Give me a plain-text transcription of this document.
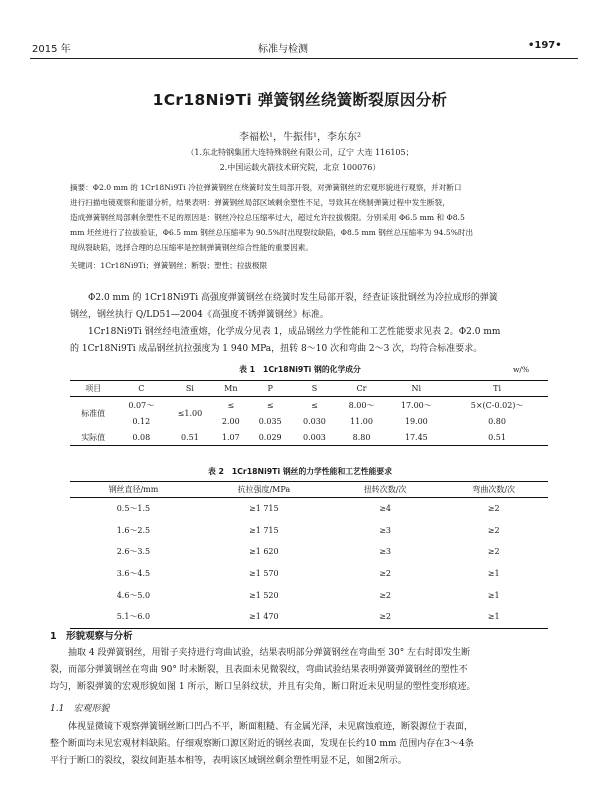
2015 年	标准与检测	•197•
1Cr18Ni9Ti 弹簧钢丝绕簧断裂原因分析
李福松¹，牛振伟¹，李东东²
（1.东北特钢集团大连特殊钢丝有限公司，辽宁 大连 116105；
2.中国运载火箭技术研究院，北京 100076）
摘要：Φ2.0 mm 的 1Cr18Ni9Ti 冷拉弹簧钢丝在绕簧时发生局部开裂，对弹簧钢丝的宏观形貌进行观察，并对断口
进行扫描电镜观察和能谱分析，结果表明：弹簧钢丝局部区域剩余塑性不足，导致其在绕制弹簧过程中发生断裂，
造成弹簧钢丝局部剩余塑性不足的原因是：钢丝冷拉总压缩率过大，超过允许拉拔极限。分别采用 Φ6.5 mm 和 Φ8.5
mm 坯丝进行了拉拔验证，Φ6.5 mm 钢丝总压缩率为 90.5%时出现裂纹缺陷，Φ8.5 mm 钢丝总压缩率为 94.5%时出
现纵裂缺陷，选择合理的总压缩率是控制弹簧钢丝综合性能的重要因素。
关键词：1Cr18Ni9Ti；弹簧钢丝；断裂；塑性；拉拔极限
Φ2.0 mm 的 1Cr18Ni9Ti 高强度弹簧钢丝在绕簧时发生局部开裂，经查证该批钢丝为冷拉成形的弹簧
钢丝，钢丝执行 Q/LD51—2004《高强度不锈弹簧钢丝》标准。
1Cr18Ni9Ti 钢丝经电渣重熔，化学成分见表 1，成品钢丝力学性能和工艺性能要求见表 2。Φ2.0 mm
的 1Cr18Ni9Ti 成品钢丝抗拉强度为 1 940 MPa，扭转 8～10 次和弯曲 2～3 次，均符合标准要求。
表 1　1Cr18Ni9Ti 钢的化学成分	w/%
项目	C	Si	Mn	P	S	Cr	Ni	Ti
标准值	0.07～	≤1.00	≤	≤	≤	8.00～	17.00～	5×(C-0.02)～
	0.12		2.00	0.035	0.030	11.00	19.00	0.80
实际值	0.08	0.51	1.07	0.029	0.003	8.80	17.45	0.51
表 2　1Cr18Ni9Ti 钢丝的力学性能和工艺性能要求
钢丝直径/mm	抗拉强度/MPa	扭转次数/次	弯曲次数/次
0.5～1.5	≥1 715	≥4	≥2
1.6～2.5	≥1 715	≥3	≥2
2.6～3.5	≥1 620	≥3	≥2
3.6～4.5	≥1 570	≥2	≥1
4.6～5.0	≥1 520	≥2	≥1
5.1～6.0	≥1 470	≥2	≥1
1　形貌观察与分析
抽取 4 段弹簧钢丝，用钳子夹持进行弯曲试验，结果表明部分弹簧钢丝在弯曲至 30° 左右时即发生断
裂，而部分弹簧钢丝在弯曲 90° 时未断裂，且表面未见微裂纹，弯曲试验结果表明弹簧弹簧钢丝的塑性不
均匀，断裂弹簧的宏观形貌如图 1 所示，断口呈斜纹状，并且有尖角，断口附近未见明显的塑性变形痕迹。
1.1　宏观形貌
体视显微镜下观察弹簧钢丝断口凹凸不平，断面粗糙、有金属光泽，未见腐蚀痕迹，断裂源位于表面，
整个断面均未见宏观材料缺陷。仔细观察断口源区附近的钢丝表面，发现在长约10 mm 范围内存在3～4条
平行于断口的裂纹，裂纹间距基本相等，表明该区域钢丝剩余塑性明显不足，如图2所示。
